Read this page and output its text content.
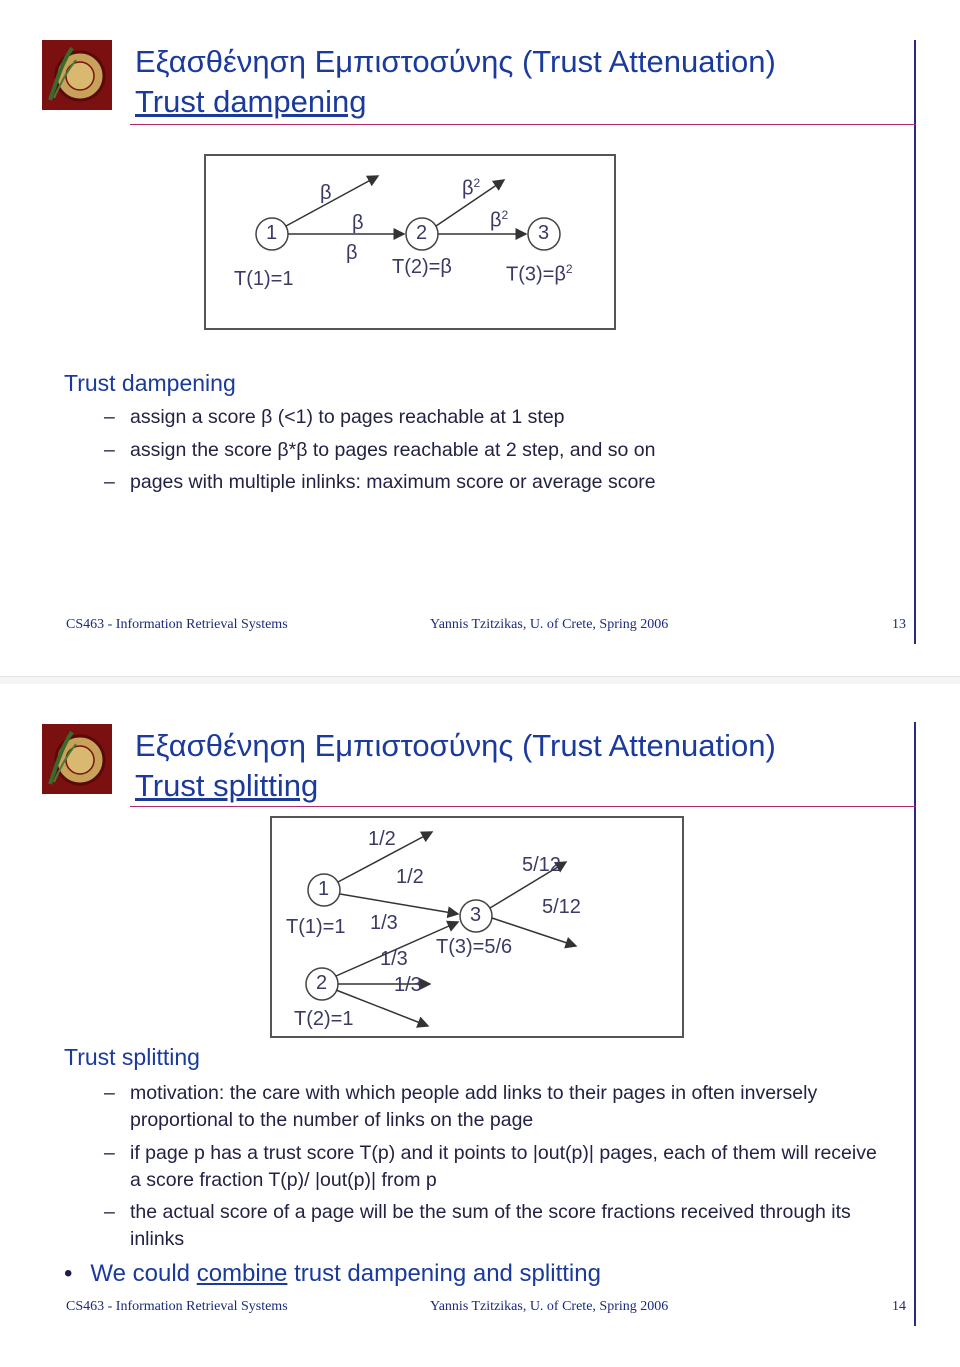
Εξασθένηση Εμπιστοσύνης (Trust Attenuation)
Trust dampening
β	$\beta^2$
β
β
$\beta^2$
1	2	3
T(1)=1
T(2)=β	$T(3)=\beta^2$
Trust dampening
– assign a score β (<1) to pages reachable at 1 step
– assign the score β*β to pages reachable at 2 step, and so on
– pages with multiple inlinks: maximum score or average score
CS463 - Information Retrieval Systems	Yannis Tzitzikas, U. of Crete, Spring 2006	13
Εξασθένηση Εμπιστοσύνης (Trust Attenuation)
Trust splitting
1/2
1/2
1/3
1/3
1/3
5/12
5/12
1
2
3
T(1)=1
T(2)=1
T(3)=5/6
Trust splitting
– motivation: the care with which people add links to their pages in often inversely proportional to the number of links on the page
– if page p has a trust score T(p) and it points to |out(p)| pages, each of them will receive a score fraction T(p)/ |out(p)| from p
– the actual score of a page will be the sum of the score fractions received through its inlinks
• We could combine trust dampening and splitting
CS463 - Information Retrieval Systems	Yannis Tzitzikas, U. of Crete, Spring 2006	14
